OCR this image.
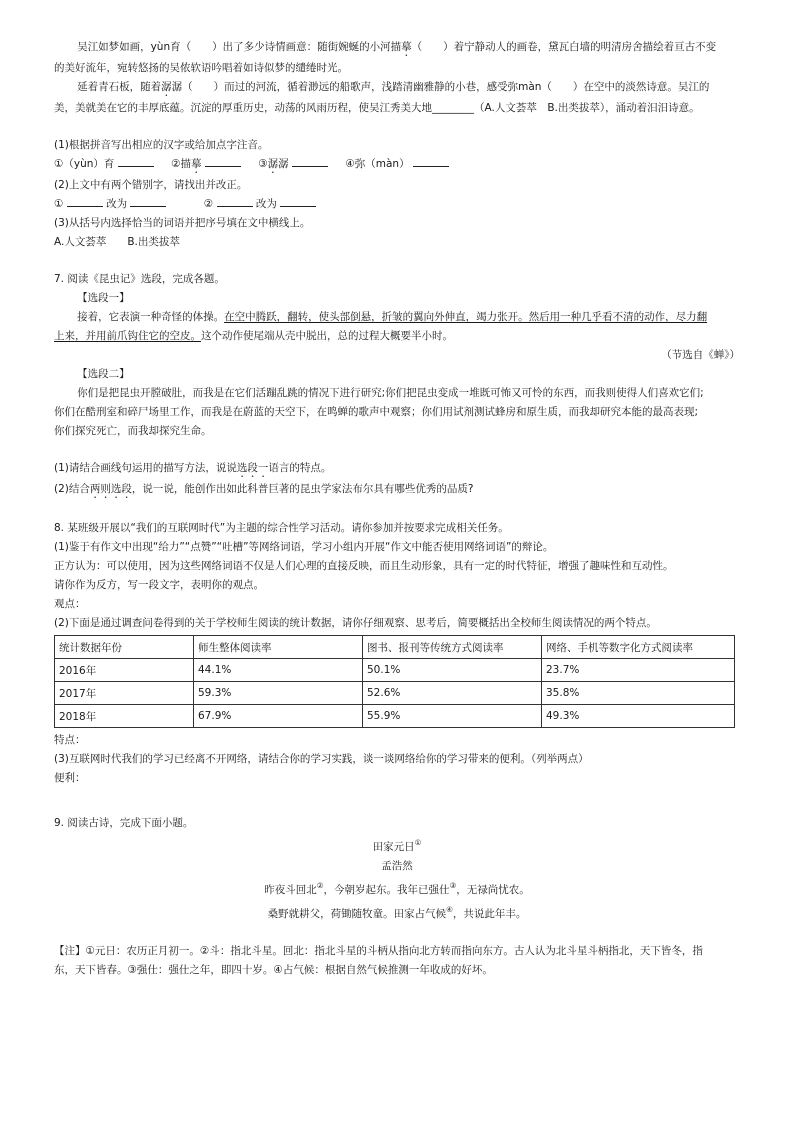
吴江如梦如画，yùn育（　　）出了多少诗情画意：随街婉蜒的小河描摹（　　）着宁静动人的画卷，黛瓦白墙的明清房舍描绘着亘古不变

的美好流年，宛转悠扬的吴侬软语吟唱着如诗似梦的缱绻时光。

延着青石板，随着潺潺（　　）而过的河流，循着渺远的船歌声，浅踏清幽雅静的小巷，感受弥màn（　　）在空中的淡然诗意。吴江的

美，美就美在它的丰厚底蕴。沉淀的厚重历史，动荡的风雨历程，使吴江秀美大地________（A.人文荟萃　B.出类拔萃），涌动着汨汨诗意。

(1)根据拼音写出相应的汉字或给加点字注音。

①（yùn）育	②描摹	③潺潺	④弥（màn）

(2)上文中有两个错别字，请找出并改正。

①	改为	②	改为

(3)从括号内选择恰当的词语并把序号填在文中横线上。

A.人文荟萃　　B.出类拔萃

7. 阅读《昆虫记》选段，完成各题。

【选段一】

接着，它表演一种奇怪的体操。在空中腾跃，翻转，使头部倒悬，折皱的翼向外伸直，竭力张开。然后用一种几乎看不清的动作，尽力翻

上来，并用前爪钩住它的空皮。这个动作使尾端从壳中脱出，总的过程大概要半小时。

（节选自《蝉》）

【选段二】

你们是把昆虫开膛破肚，而我是在它们活蹦乱跳的情况下进行研究;你们把昆虫变成一堆既可怖又可怜的东西，而我则使得人们喜欢它们;

你们在酷刑室和碎尸场里工作，而我是在蔚蓝的天空下，在鸣蝉的歌声中观察；你们用试剂测试蜂房和原生质，而我却研究本能的最高表现;

你们探究死亡，而我却探究生命。

(1)请结合画线句运用的描写方法，说说选段一语言的特点。

(2)结合两则选段，说一说，能创作出如此科普巨著的昆虫学家法布尔具有哪些优秀的品质?

8. 某班级开展以“我们的互联网时代”为主题的综合性学习活动。请你参加并按要求完成相关任务。

(1)鉴于有作文中出现“给力”“点赞”“吐槽”等网络词语，学习小组内开展“作文中能否使用网络词语”的辩论。

正方认为：可以使用，因为这些网络词语不仅是人们心理的直接反映，而且生动形象，具有一定的时代特征，增强了趣味性和互动性。

请你作为反方，写一段文字，表明你的观点。

观点：

(2)下面是通过调查问卷得到的关于学校师生阅读的统计数据，请你仔细观察、思考后，简要概括出全校师生阅读情况的两个特点。

统计数据年份	师生整体阅读率	图书、报刊等传统方式阅读率	网络、手机等数字化方式阅读率
2016年	44.1%	50.1%	23.7%
2017年	59.3%	52.6%	35.8%
2018年	67.9%	55.9%	49.3%

特点：

(3)互联网时代我们的学习已经离不开网络，请结合你的学习实践，谈一谈网络给你的学习带来的便利。（列举两点）

便利：

9. 阅读古诗，完成下面小题。

田家元日①

孟浩然

昨夜斗回北②，今朝岁起东。我年已强仕③，无禄尚忧农。

桑野就耕父，荷锄随牧童。田家占气候④，共说此年丰。

【注】①元日：农历正月初一。②斗：指北斗星。回北：指北斗星的斗柄从指向北方转而指向东方。古人认为北斗星斗柄指北，天下皆冬，指

东，天下皆春。③强仕：强仕之年，即四十岁。④占气候：根据自然气候推测一年收成的好坏。
